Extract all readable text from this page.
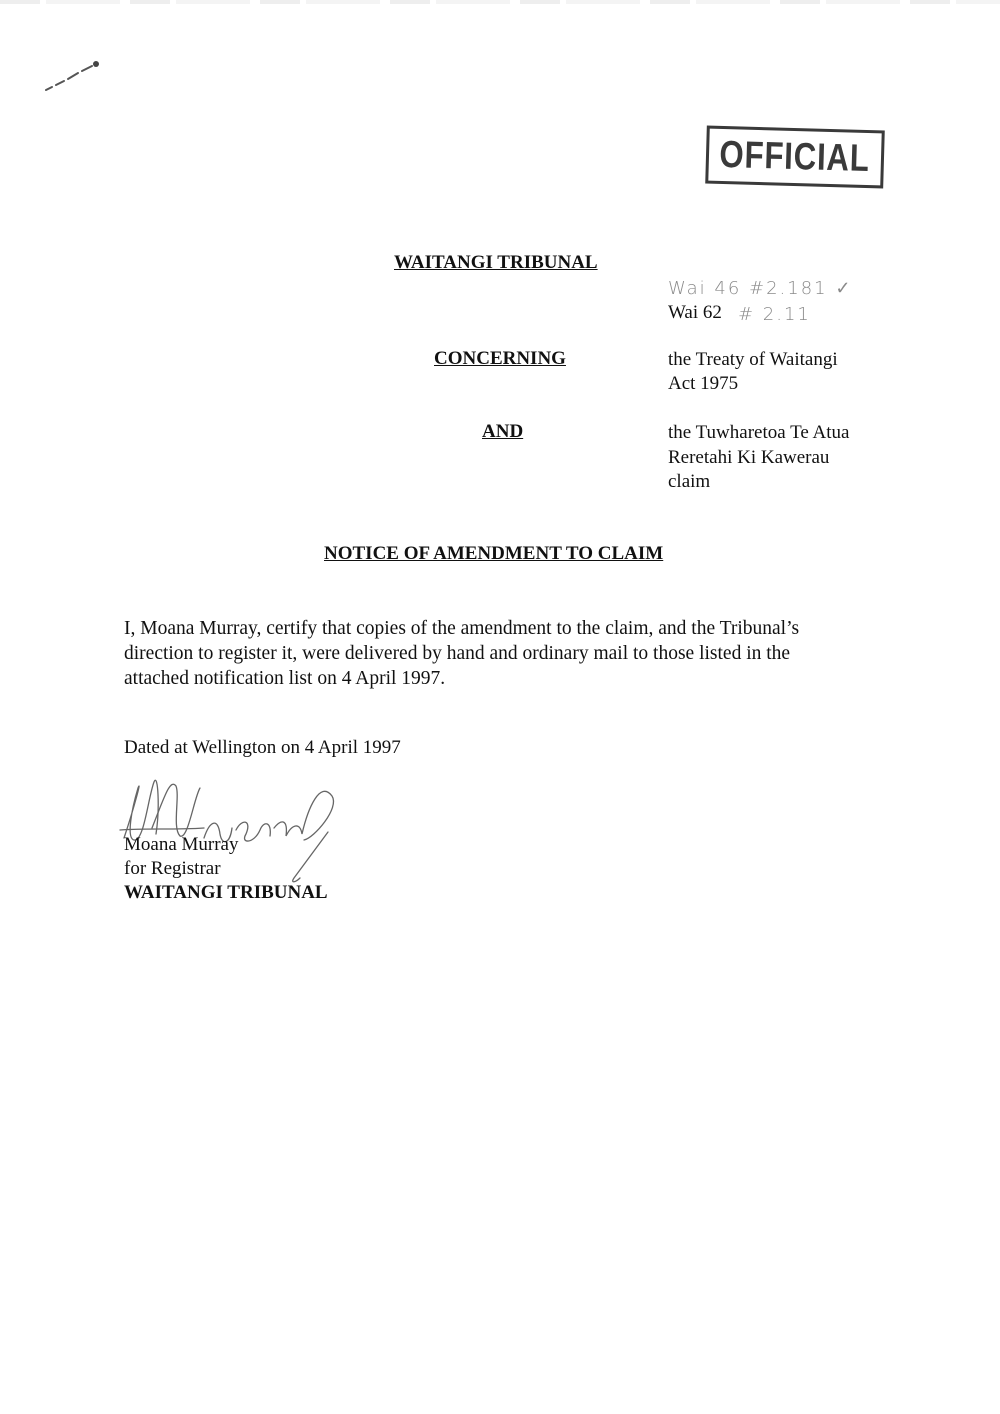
OFFICIAL
WAITANGI TRIBUNAL
Wai 46 #2.181 ✓
Wai 62 # 2.11
CONCERNING	the Treaty of Waitangi
Act 1975
AND	the Tuwharetoa Te Atua
Reretahi Ki Kawerau
claim
NOTICE OF AMENDMENT TO CLAIM
I, Moana Murray, certify that copies of the amendment to the claim, and the Tribunal’s
direction to register it, were delivered by hand and ordinary mail to those listed in the
attached notification list on 4 April 1997.
Dated at Wellington on 4 April 1997
Moana Murray
for Registrar
WAITANGI TRIBUNAL
